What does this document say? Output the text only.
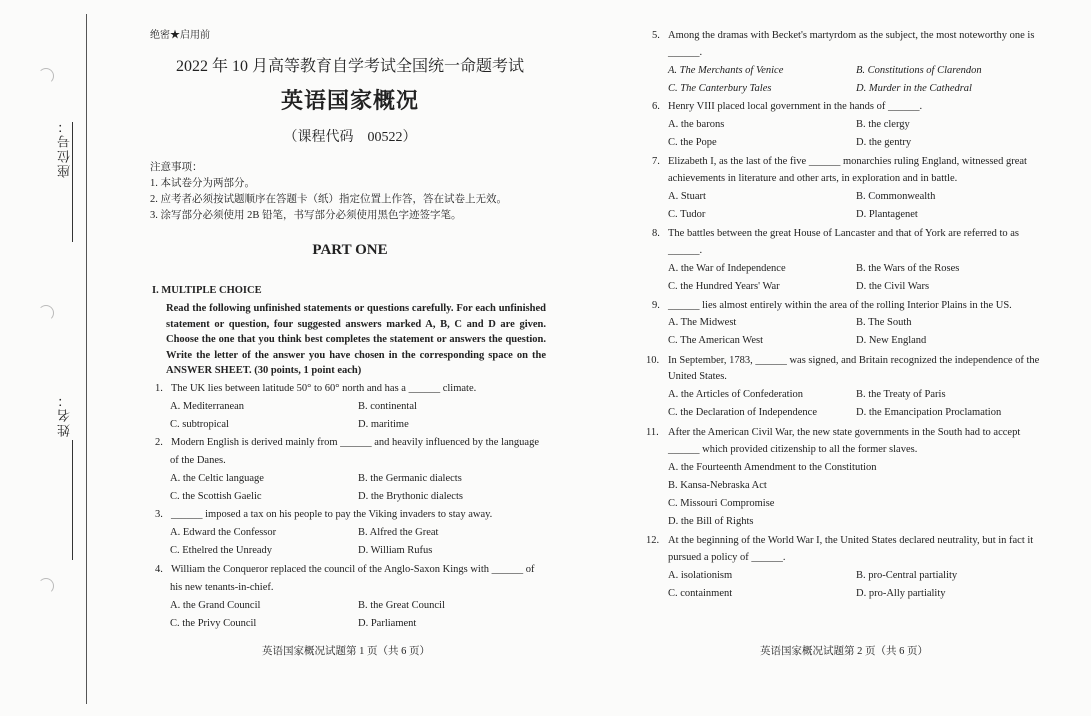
座位号：
姓名：
绝密★启用前
2022 年 10 月高等教育自学考试全国统一命题考试
英语国家概况
（课程代码　00522）
注意事项：
1. 本试卷分为两部分。
2. 应考者必须按试题顺序在答题卡（纸）指定位置上作答，答在试卷上无效。
3. 涂写部分必须使用 2B 铅笔，书写部分必须使用黑色字迹签字笔。
PART ONE
I. MULTIPLE CHOICE
Read the following unfinished statements or questions carefully. For each unfinished statement or question, four suggested answers marked A, B, C and D are given. Choose the one that you think best completes the statement or answers the question. Write the letter of the answer you have chosen in the corresponding space on the ANSWER SHEET. (30 points, 1 point each)
1. The UK lies between latitude 50° to 60° north and has a ______ climate.
A. Mediterranean	B. continental
C. subtropical	D. maritime
2. Modern English is derived mainly from ______ and heavily influenced by the language
of the Danes.
A. the Celtic language	B. the Germanic dialects
C. the Scottish Gaelic	D. the Brythonic dialects
3. ______ imposed a tax on his people to pay the Viking invaders to stay away.
A. Edward the Confessor	B. Alfred the Great
C. Ethelred the Unready	D. William Rufus
4. William the Conqueror replaced the council of the Anglo-Saxon Kings with ______ of
his new tenants-in-chief.
A. the Grand Council	B. the Great Council
C. the Privy Council	D. Parliament
英语国家概况试题第 1 页（共 6 页）
5. Among the dramas with Becket's martyrdom as the subject, the most noteworthy one is
______.
A. The Merchants of Venice	B. Constitutions of Clarendon
C. The Canterbury Tales	D. Murder in the Cathedral
6. Henry VIII placed local government in the hands of ______.
A. the barons	B. the clergy
C. the Pope	D. the gentry
7. Elizabeth I, as the last of the five ______ monarchies ruling England, witnessed great
achievements in literature and other arts, in exploration and in battle.
A. Stuart	B. Commonwealth
C. Tudor	D. Plantagenet
8. The battles between the great House of Lancaster and that of York are referred to as
______.
A. the War of Independence	B. the Wars of the Roses
C. the Hundred Years' War	D. the Civil Wars
9. ______ lies almost entirely within the area of the rolling Interior Plains in the US.
A. The Midwest	B. The South
C. The American West	D. New England
10. In September, 1783, ______ was signed, and Britain recognized the independence of the
United States.
A. the Articles of Confederation	B. the Treaty of Paris
C. the Declaration of Independence	D. the Emancipation Proclamation
11. After the American Civil War, the new state governments in the South had to accept
______ which provided citizenship to all the former slaves.
A. the Fourteenth Amendment to the Constitution
B. Kansa-Nebraska Act
C. Missouri Compromise
D. the Bill of Rights
12. At the beginning of the World War I, the United States declared neutrality, but in fact it
pursued a policy of ______.
A. isolationism	B. pro-Central partiality
C. containment	D. pro-Ally partiality
英语国家概况试题第 2 页（共 6 页）
